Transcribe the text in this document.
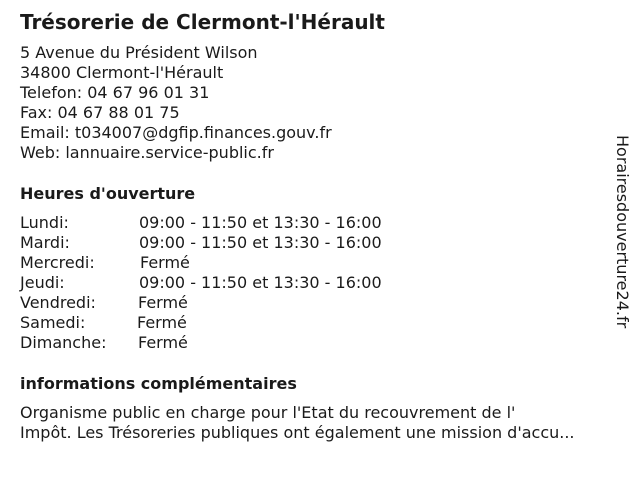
Trésorerie de Clermont-l'Hérault
5 Avenue du Président Wilson
34800 Clermont-l'Hérault
Telefon: 04 67 96 01 31
Fax: 04 67 88 01 75
Email: t034007@dgfip.finances.gouv.fr
Web: lannuaire.service-public.fr
Heures d'ouverture
Lundi:	09:00 - 11:50 et 13:30 - 16:00
Mardi:	09:00 - 11:50 et 13:30 - 16:00
Mercredi:	Fermé
Jeudi:	09:00 - 11:50 et 13:30 - 16:00
Vendredi:	Fermé
Samedi:	Fermé
Dimanche: Fermé
informations complémentaires
Organisme public en charge pour l'Etat du recouvrement de l'
Impôt. Les Trésoreries publiques ont également une mission d'accu...
Horairesdouverture24.fr
